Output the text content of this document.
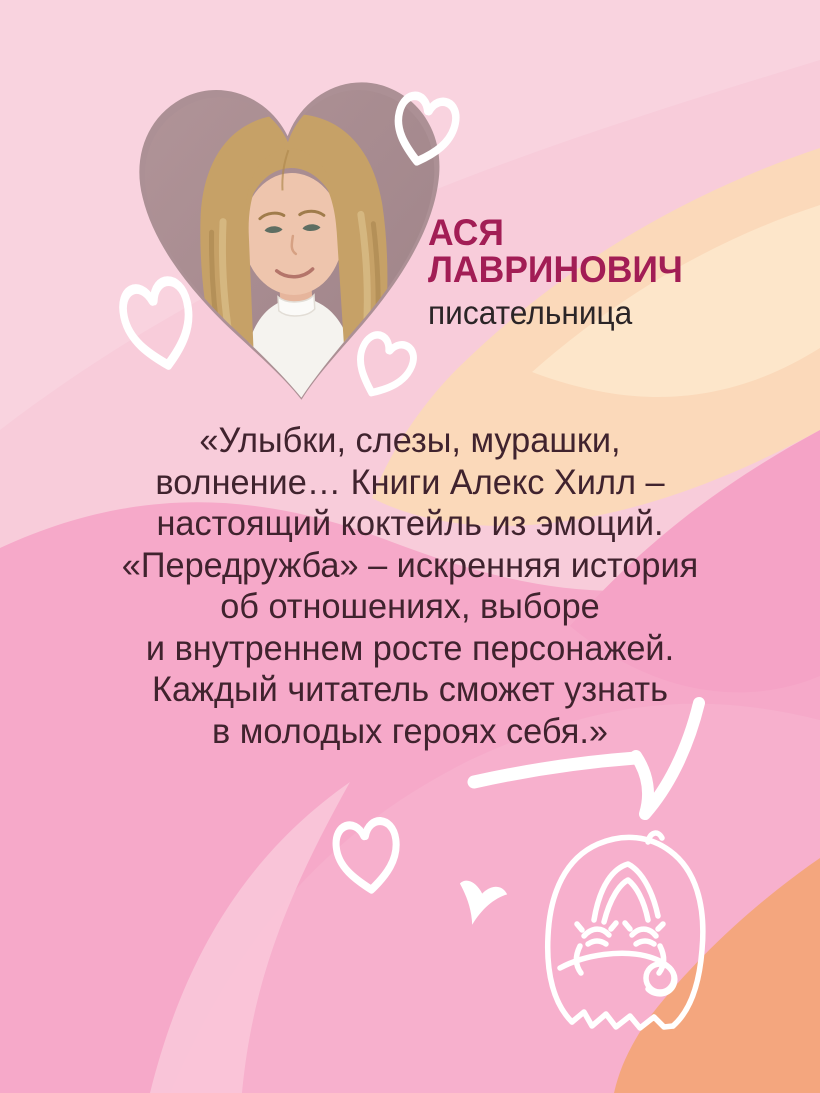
АСЯ
ЛАВРИНОВИЧ

писательница

«Улыбки, слезы, мурашки,
волнение… Книги Алекс Хилл –
настоящий коктейль из эмоций.
«Передружба» – искренняя история
об отношениях, выборе
и внутреннем росте персонажей.
Каждый читатель сможет узнать
в молодых героях себя.»
